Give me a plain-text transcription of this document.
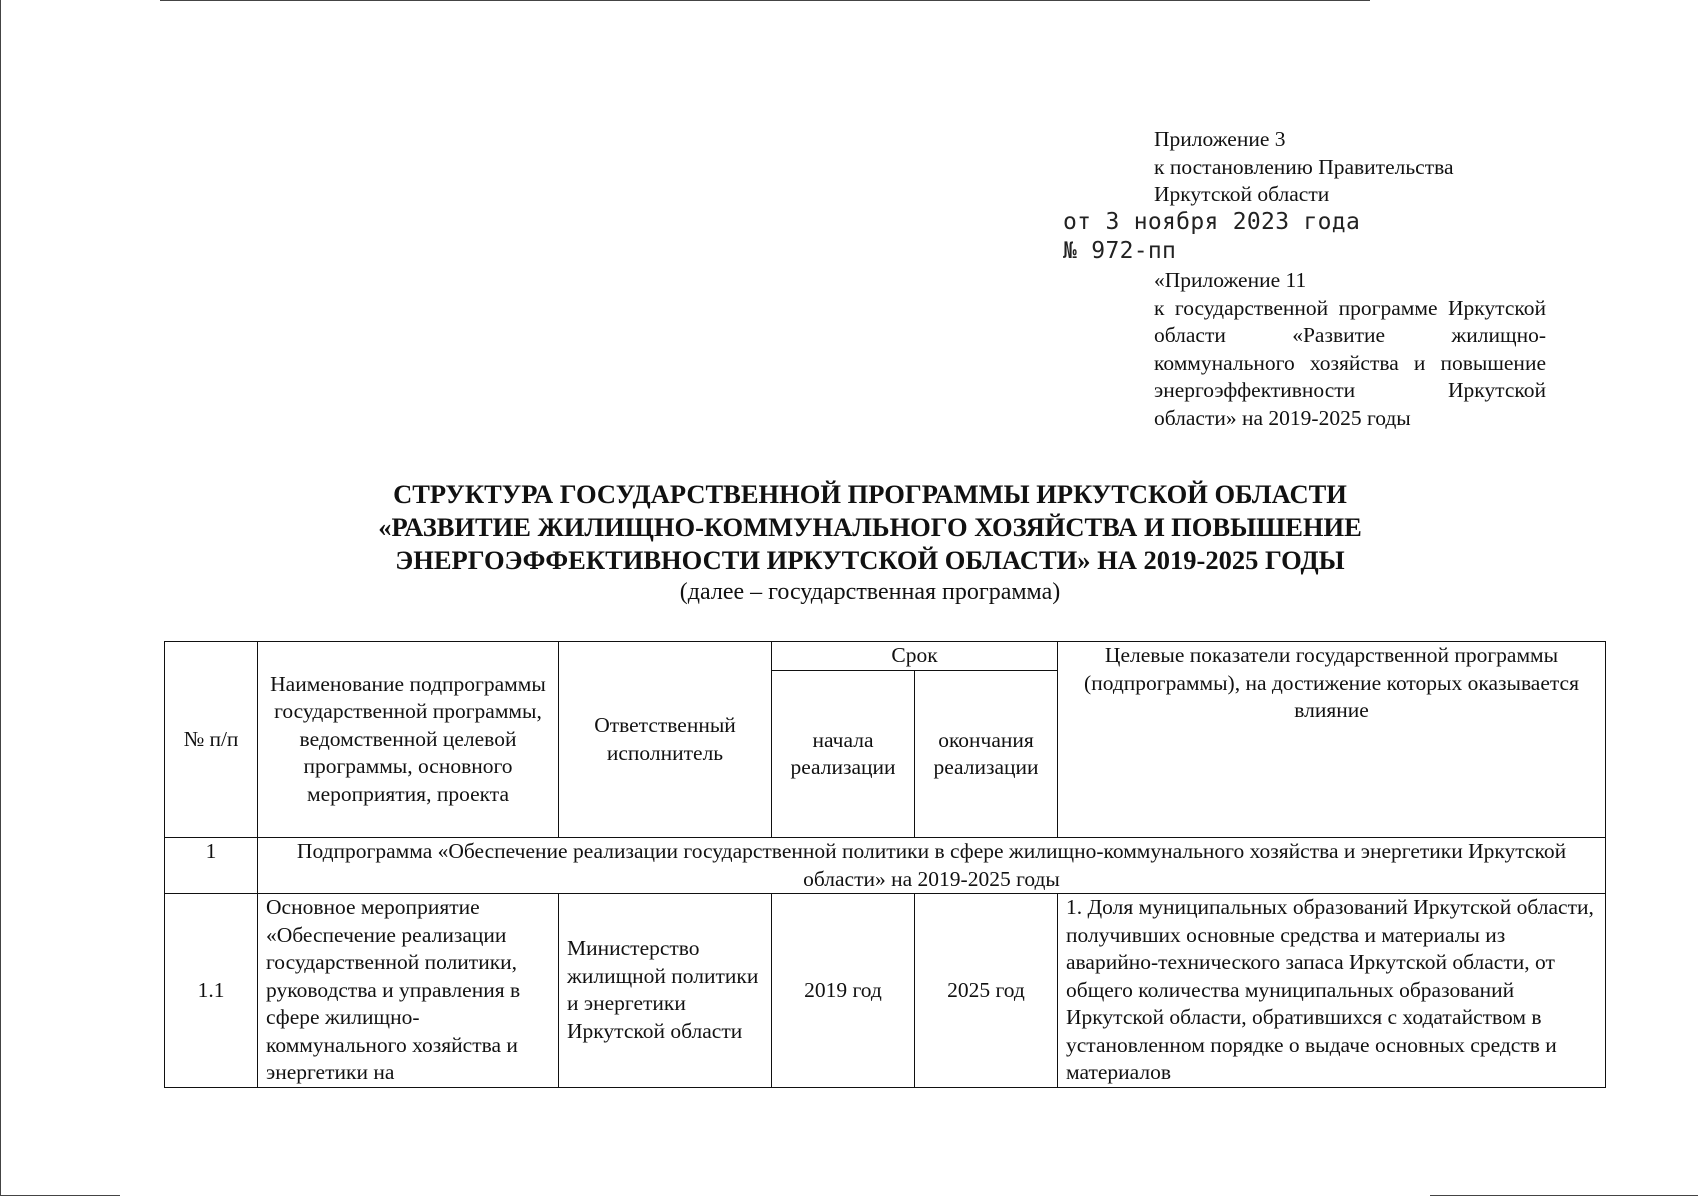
Приложение 3
к постановлению Правительства
Иркутской области
от 3 ноября 2023 года
№ 972-пп
«Приложение 11
к государственной программе Иркутской области «Развитие жилищно-коммунального хозяйства и повышение энергоэффективности Иркутской области» на 2019-2025 годы
СТРУКТУРА ГОСУДАРСТВЕННОЙ ПРОГРАММЫ ИРКУТСКОЙ ОБЛАСТИ
«РАЗВИТИЕ ЖИЛИЩНО-КОММУНАЛЬНОГО ХОЗЯЙСТВА И ПОВЫШЕНИЕ
ЭНЕРГОЭФФЕКТИВНОСТИ ИРКУТСКОЙ ОБЛАСТИ» НА 2019-2025 ГОДЫ
(далее – государственная программа)
№ п/п	Наименование подпрограммы государственной программы, ведомственной целевой программы, основного мероприятия, проекта	Ответственный исполнитель	Срок		Целевые показатели государственной программы (подпрограммы), на достижение которых оказывается влияние
			начала реализации	окончания реализации	
1	Подпрограмма «Обеспечение реализации государственной политики в сфере жилищно-коммунального хозяйства и энергетики Иркутской области» на 2019-2025 годы				
1.1	Основное мероприятие «Обеспечение реализации государственной политики, руководства и управления в сфере жилищно-коммунального хозяйства и энергетики на	Министерство жилищной политики и энергетики Иркутской области	2019 год	2025 год	1. Доля муниципальных образований Иркутской области, получивших основные средства и материалы из аварийно-технического запаса Иркутской области, от общего количества муниципальных образований Иркутской области, обратившихся с ходатайством в установленном порядке о выдаче основных средств и материалов
